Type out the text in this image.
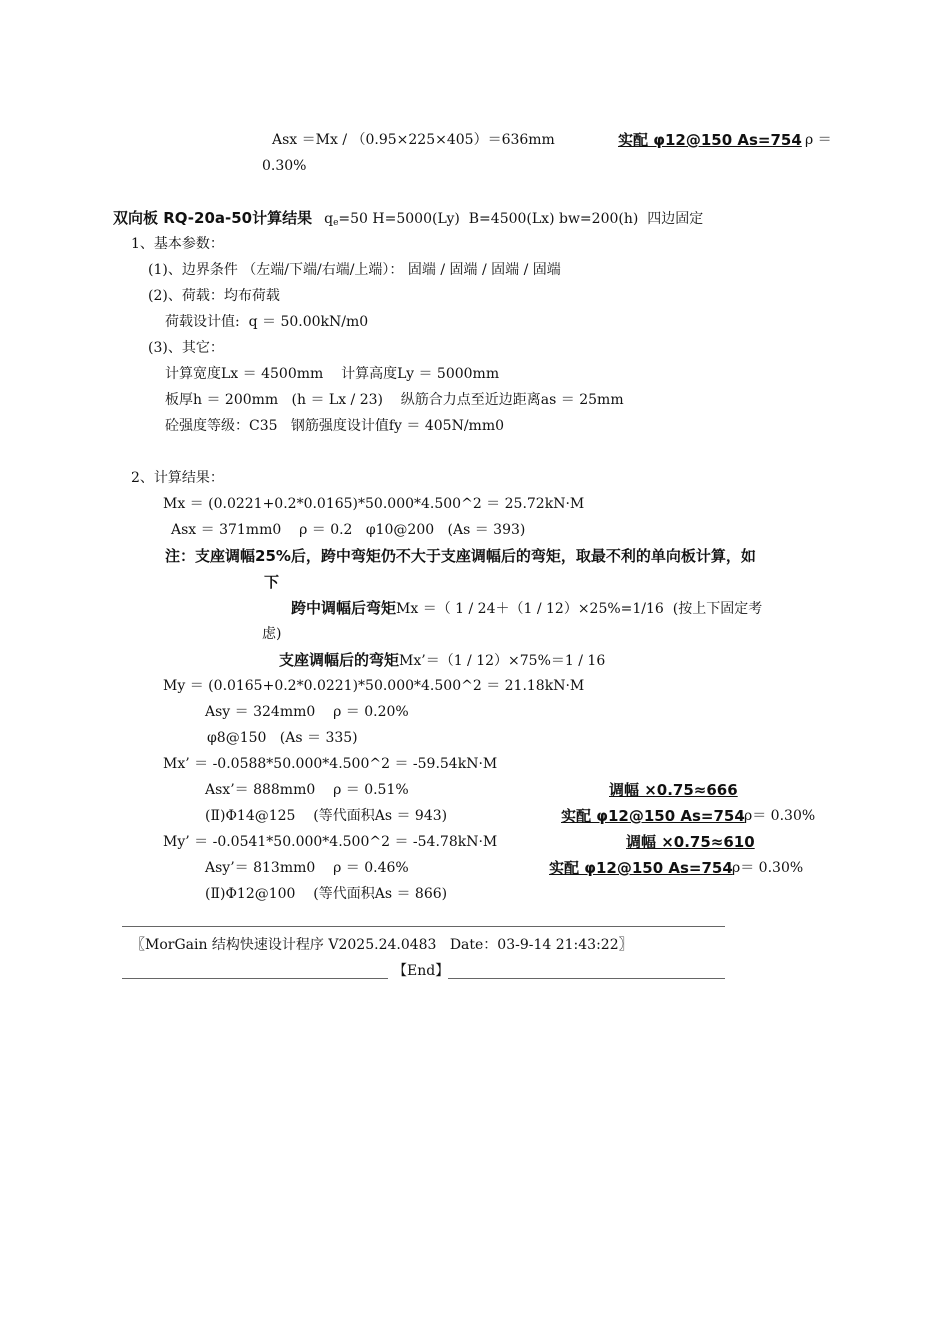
Asx ＝Mx / （0.95×225×405）＝636mm	实配 φ12@150 As=754 ρ ＝
0.30%
双向板 RQ-20a-50计算结果 $q_e=50$ H=5000(Ly)  B=4500(Lx) bw=200(h)  四边固定
1、基本参数：
(1)、边界条件 （左端/下端/右端/上端）： 固端 / 固端 / 固端 / 固端
(2)、荷载：均布荷载
荷载设计值:  q ＝ 50.00kN/m0
(3)、其它：
计算宽度Lx ＝ 4500mm    计算高度Ly ＝ 5000mm
板厚h ＝ 200mm   (h ＝ Lx / 23)    纵筋合力点至近边距离as ＝ 25mm
砼强度等级：C35   钢筋强度设计值fy ＝ 405N/mm0
2、计算结果：
Mx ＝ (0.0221+0.2*0.0165)*50.000*4.500^2 ＝ 25.72kN·M
Asx ＝ 371mm0    ρ ＝ 0.2   φ10@200   (As ＝ 393)
注：支座调幅25%后，跨中弯矩仍不大于支座调幅后的弯矩，取最不利的单向板计算，如
下
跨中调幅后弯矩Mx ＝（ 1 / 24＋（1 / 12）×25%=1/16  (按上下固定考
虑)
支座调幅后的弯矩Mx’＝（1 / 12）×75%＝1 / 16
My ＝ (0.0165+0.2*0.0221)*50.000*4.500^2 ＝ 21.18kN·M
Asy ＝ 324mm0    ρ ＝ 0.20%
φ8@150   (As ＝ 335)
Mx’ ＝ -0.0588*50.000*4.500^2 ＝ -59.54kN·M
Asx’＝ 888mm0    ρ ＝ 0.51%	调幅 ×0.75≈666
(Ⅱ)Φ14@125    (等代面积As ＝ 943)	实配 φ12@150 As=754 ρ＝ 0.30%
My’ ＝ -0.0541*50.000*4.500^2 ＝ -54.78kN·M	调幅 ×0.75≈610
Asy’＝ 813mm0    ρ ＝ 0.46%	实配 φ12@150 As=754 ρ＝ 0.30%
(Ⅱ)Φ12@100    (等代面积As ＝ 866)
〖MorGain 结构快速设计程序 V2025.24.0483   Date：03-9-14 21:43:22〗
【End】
